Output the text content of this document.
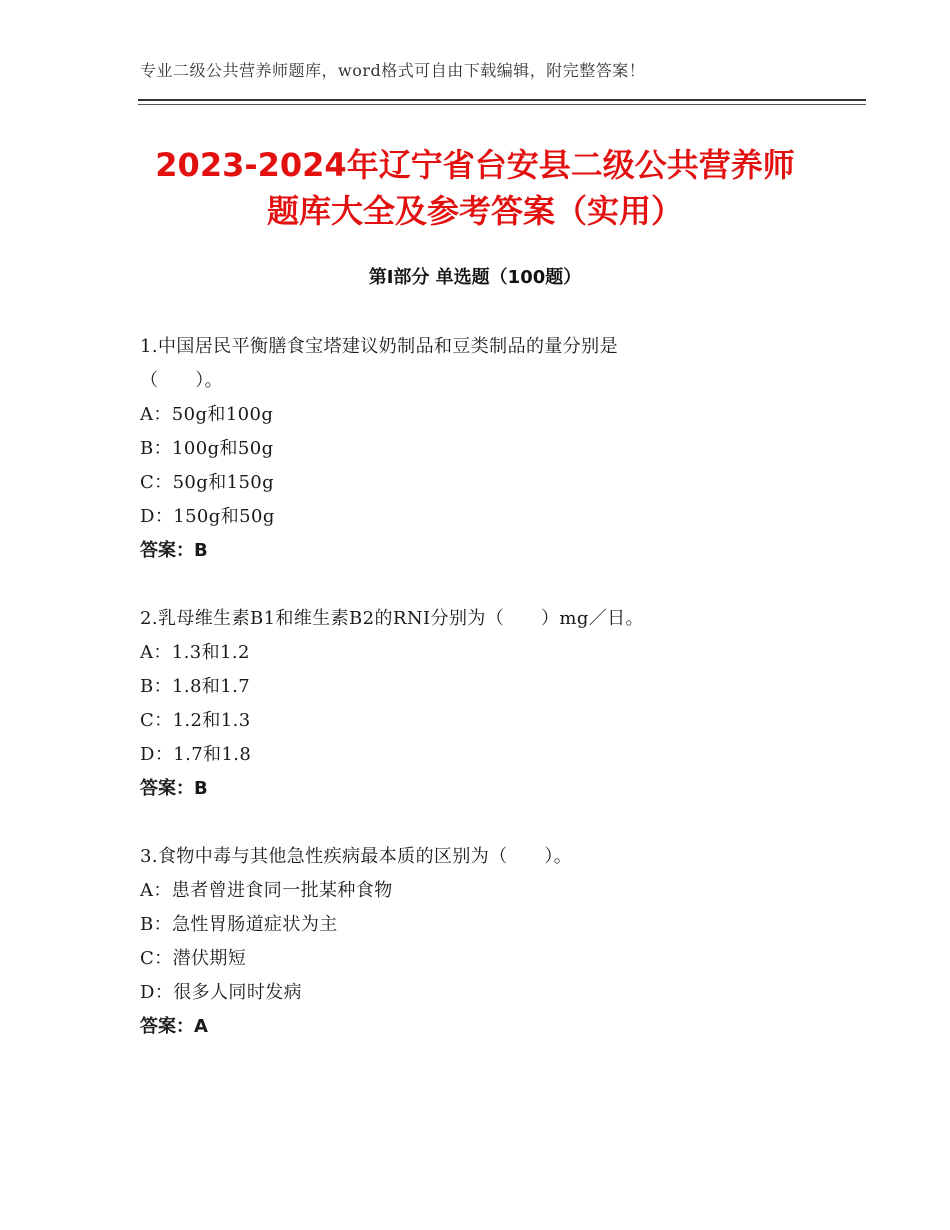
专业二级公共营养师题库，word格式可自由下载编辑，附完整答案！
2023-2024年辽宁省台安县二级公共营养师
题库大全及参考答案（实用）
第Ⅰ部分 单选题（100题）
1.中国居民平衡膳食宝塔建议奶制品和豆类制品的量分别是
（　　）。
A：50g和100g
B：100g和50g
C：50g和150g
D：150g和50g
答案：B
2.乳母维生素B1和维生素B2的RNI分别为（　　）mg／日。
A：1.3和1.2
B：1.8和1.7
C：1.2和1.3
D：1.7和1.8
答案：B
3.食物中毒与其他急性疾病最本质的区别为（　　）。
A：患者曾进食同一批某种食物
B：急性胃肠道症状为主
C：潜伏期短
D：很多人同时发病
答案：A
